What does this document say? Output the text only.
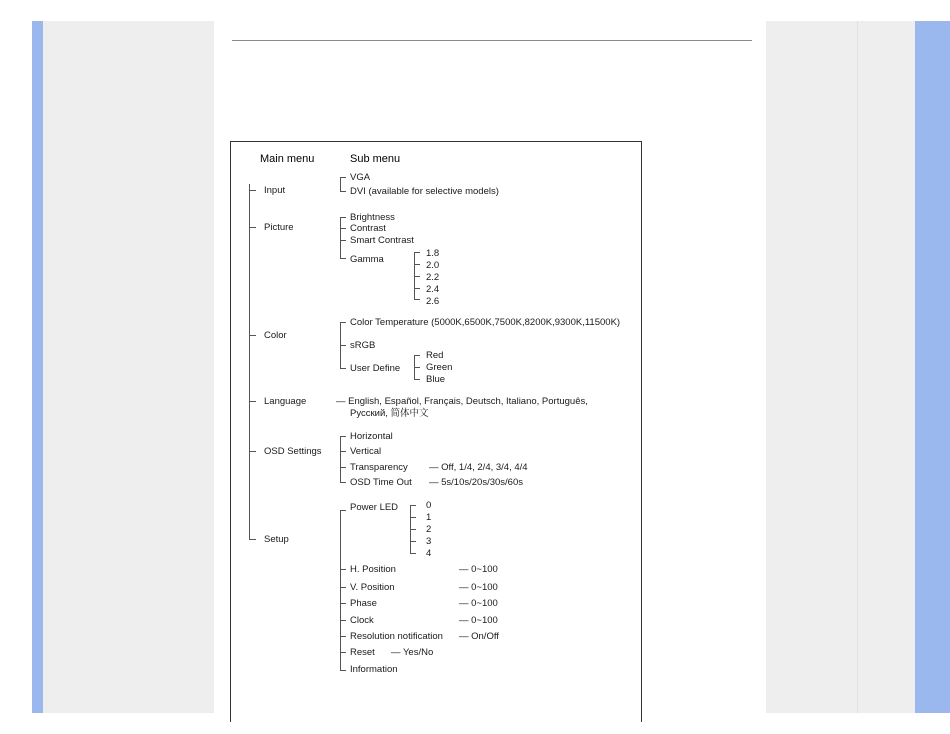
Main menu	Sub menu
Input
Picture
Color
Language
OSD Settings
Setup
VGA
DVI (available for selective models)
Brightness
Contrast
Smart Contrast
Gamma
1.8
2.0
2.2
2.4
2.6
Color Temperature (5000K,6500K,7500K,8200K,9300K,11500K)
sRGB
User Define
Red
Green
Blue
— English, Español, Français, Deutsch, Italiano, Português,
Русский, 简体中文
Horizontal
Vertical
Transparency
OSD Time Out
— Off, 1/4, 2/4, 3/4, 4/4
— 5s/10s/20s/30s/60s
Power LED
H. Position
V. Position
Phase
Clock
Resolution notification
Reset
Information
0
1
2
3
4
— 0~100
— 0~100
— 0~100
— 0~100
— On/Off
— Yes/No
